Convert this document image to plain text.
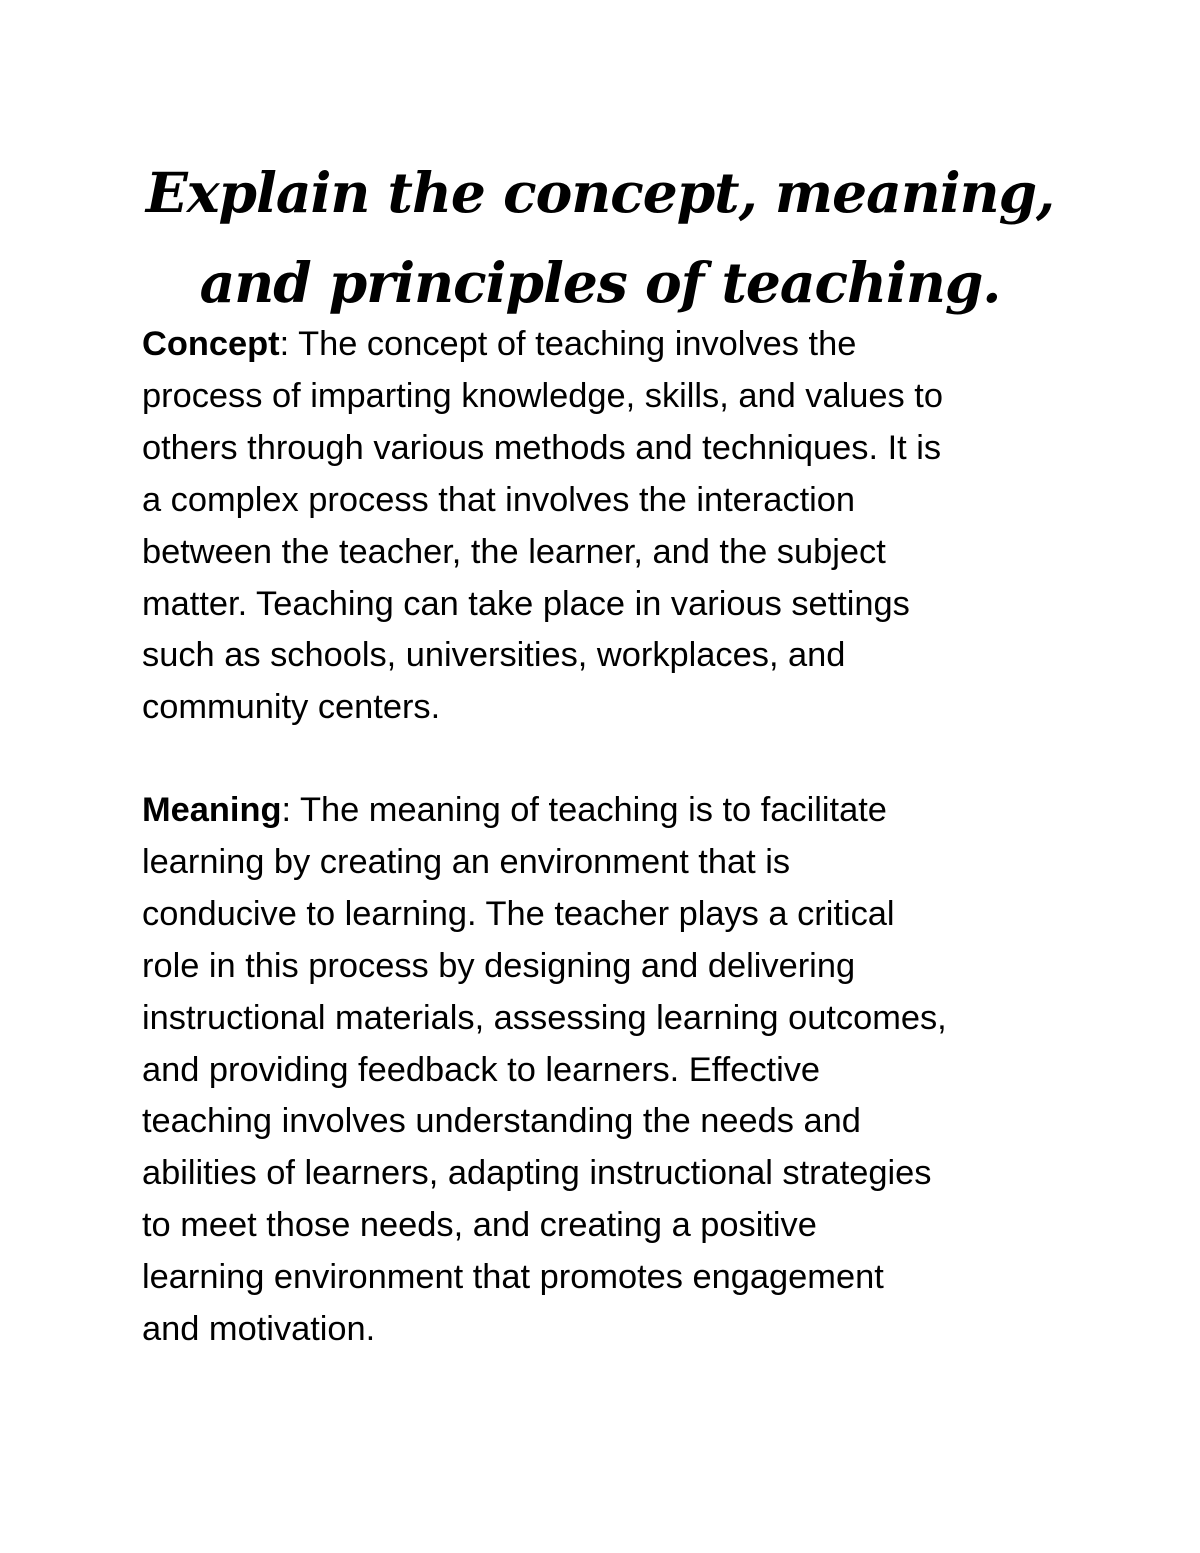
Explain the concept, meaning,
and principles of teaching.

Concept: The concept of teaching involves the
process of imparting knowledge, skills, and values to
others through various methods and techniques. It is
a complex process that involves the interaction
between the teacher, the learner, and the subject
matter. Teaching can take place in various settings
such as schools, universities, workplaces, and
community centers.

Meaning: The meaning of teaching is to facilitate
learning by creating an environment that is
conducive to learning. The teacher plays a critical
role in this process by designing and delivering
instructional materials, assessing learning outcomes,
and providing feedback to learners. Effective
teaching involves understanding the needs and
abilities of learners, adapting instructional strategies
to meet those needs, and creating a positive
learning environment that promotes engagement
and motivation.
